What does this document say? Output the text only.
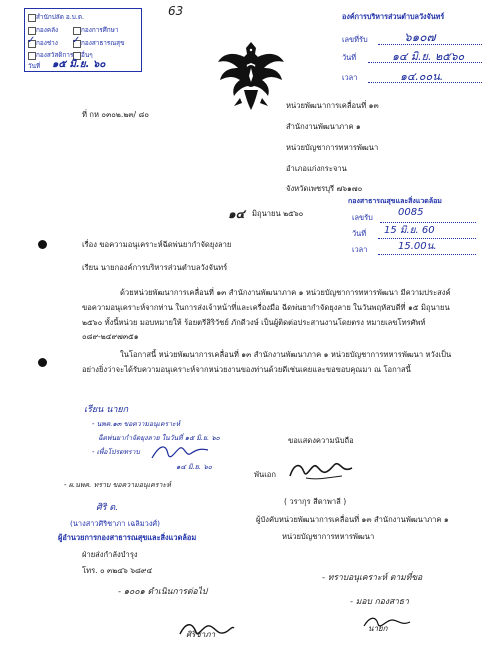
63
สำนักปลัด อ.บ.ต.
กองคลัง	กองการศึกษา
กองช่าง
✓	กองสาธารณสุข
✓
กองสวัสดิการ อื่นๆ
วันที่ ๑๕ มิ.ย. ๖๐
องค์การบริหารส่วนตำบลวังจันทร์
เลขที่รับ	๖๑๐๗
วันที่	๑๔ มิ.ย. ๒๕๖๐
เวลา	๑๔.๐๐น.
ที่ กห ๐๓๐๒.๒๓/ ๘๐
หน่วยพัฒนาการเคลื่อนที่ ๑๓
สำนักงานพัฒนาภาค ๑
หน่วยบัญชาการทหารพัฒนา
อำเภอแก่งกระจาน
จังหวัดเพชรบุรี ๗๖๑๗๐
๑๔ มิถุนายน ๒๕๖๐
กองสาธารณสุขและสิ่งแวดล้อม
เลขรับ	0085
วันที่ 15 มิ.ย. 60
เวลา	15.00น.
เรื่อง ขอความอนุเคราะห์ฉีดพ่นยากำจัดยุงลาย
เรียน นายกองค์การบริหารส่วนตำบลวังจันทร์
ด้วยหน่วยพัฒนาการเคลื่อนที่ ๑๓ สำนักงานพัฒนาภาค ๑ หน่วยบัญชาการทหารพัฒนา มีความประสงค์ขอความอนุเคราะห์จากท่าน ในการส่งเจ้าหน้าที่และเครื่องมือ ฉีดพ่นยากำจัดยุงลาย ในวันพฤหัสบดีที่ ๑๕ มิถุนายน ๒๕๖๐ ทั้งนี้หน่วย มอบหมายให้ ร้อยตรีสิริวัชย์ ภักดีวงษ์ เป็นผู้ติดต่อประสานงานโดยตรง หมายเลขโทรศัพท์ ๐๘๙-๒๔๙๗๓๕๑
ในโอกาสนี้ หน่วยพัฒนาการเคลื่อนที่ ๑๓ สำนักงานพัฒนาภาค ๑ หน่วยบัญชาการทหารพัฒนา หวังเป็นอย่างยิ่งว่าจะได้รับความอนุเคราะห์จากหน่วยงานของท่านด้วยดีเช่นเคยและขอขอบคุณมา ณ โอกาสนี้
เรียน นายก
- นพค.๑๓ ขอความอนุเคราะห์
ฉีดพ่นยากำจัดยุงลาย ในวันที่ ๑๕ มิ.ย. ๖๐
- เพื่อโปรดทราบ
๑๔ มิ.ย. ๖๐
ขอแสดงความนับถือ
พันเอก
( วรากุร สีดาพาลี )
ผู้บังคับหน่วยพัฒนาการเคลื่อนที่ ๑๓ สำนักงานพัฒนาภาค ๑
หน่วยบัญชาการทหารพัฒนา
- ผ.นพค. ทราบ ขอความอนุเคราะห์
ศิริ ด.
(นางสาวศิริชาภา เฉลิมวงศ์)
ผู้อำนวยการกองสาธารณสุขและสิ่งแวดล้อม
ฝ่ายส่งกำลังบำรุง
โทร. ๐ ๓๒๔๖ ๖๘๙๔
- ทราบอนุเคราะห์ ตามที่ขอ
- มอบ กองสาธา
- ๑๐๐๑ ดำเนินการต่อไป
ศิริชาภา
นายก
